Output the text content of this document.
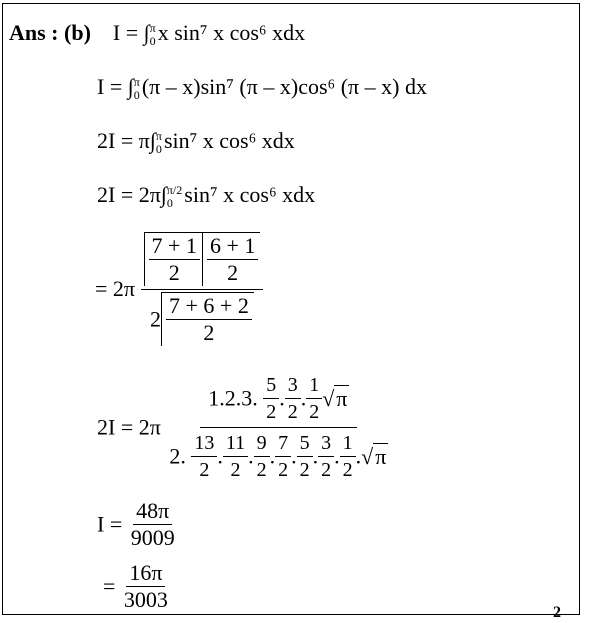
Ans : (b) I = ∫ π
0 x sin⁷ x cos⁶ xdx
I = ∫ π
0 (π – x)sin⁷ (π – x)cos⁶ (π – x) dx
2I = π∫ π
0 sin⁷ x cos⁶ xdx
2I = 2π∫ π/2
0 sin⁷ x cos⁶ xdx
= $2\pi \frac{\frac{7 + 1}{2} \frac{6 + 1}{2}}{2 \frac{7 + 6 + 2}{2}}$
$2I = 2\pi \frac{1.2.3. \frac{5}{2} . \frac{3}{2} . \frac{1}{2} √\pi}{2. \frac{13}{2} . \frac{11}{2} . \frac{9}{2} . \frac{7}{2} . \frac{5}{2} . \frac{3}{2} . \frac{1}{2} .√\pi}$
$I = \frac{48\pi}{9009}$
= $\frac{16\pi}{3003}$	2
